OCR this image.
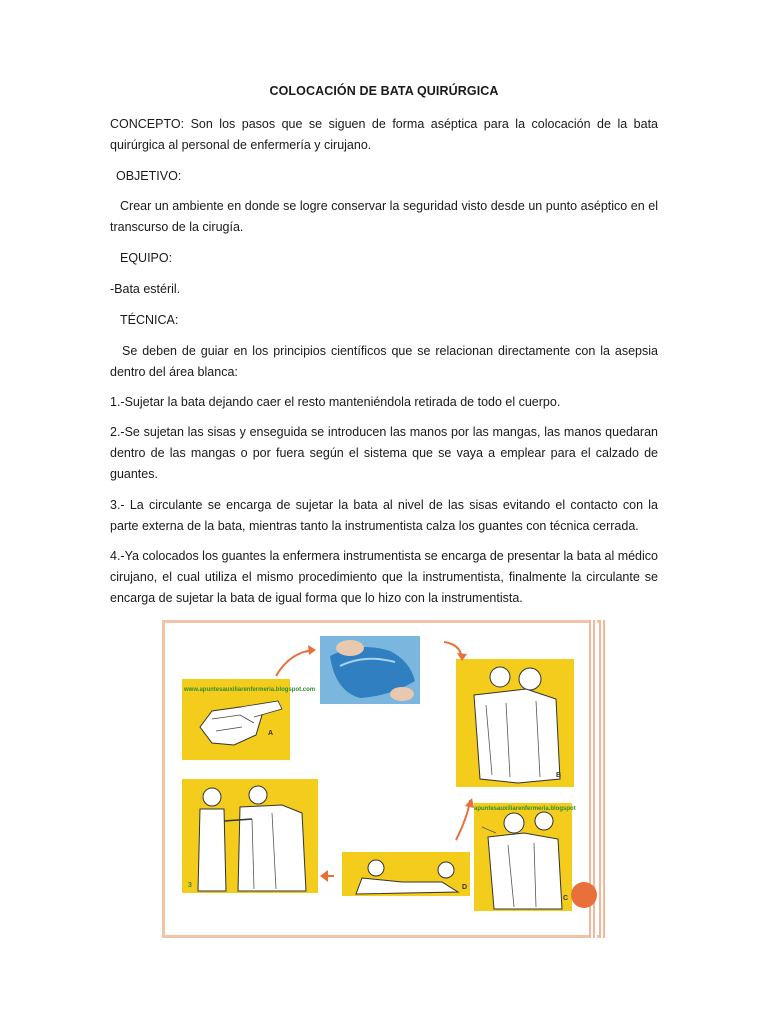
COLOCACIÓN DE BATA QUIRÚRGICA
CONCEPTO: Son los pasos que se siguen de forma aséptica para la colocación de la bata quirúrgica al personal de enfermería y cirujano.
OBJETIVO:
Crear un ambiente en donde se logre conservar la seguridad visto desde un punto aséptico en el transcurso de la cirugía.
EQUIPO:
-Bata estéril.
TÉCNICA:
Se deben de guiar en los principios científicos que se relacionan directamente con la asepsia dentro del área blanca:
1.-Sujetar la bata dejando caer el resto manteniéndola retirada de todo el cuerpo.
2.-Se sujetan las sisas y enseguida se introducen las manos por las mangas, las manos quedaran dentro de las mangas o por fuera según el sistema que se vaya a emplear para el calzado de guantes.
3.- La circulante se encarga de sujetar la bata al nivel de las sisas evitando el contacto con la parte externa de la bata, mientras tanto la instrumentista calza los guantes con técnica cerrada.
4.-Ya colocados los guantes la enfermera instrumentista se encarga de presentar la bata al médico cirujano, el cual utiliza el mismo procedimiento que la instrumentista, finalmente la circulante se encarga de sujetar la bata de igual forma que lo hizo con la instrumentista.
www.apuntesauxiliarenfermeria.blogspot.com
A
B
3	D
apuntesauxiliarenfermeria.blogspot
C
